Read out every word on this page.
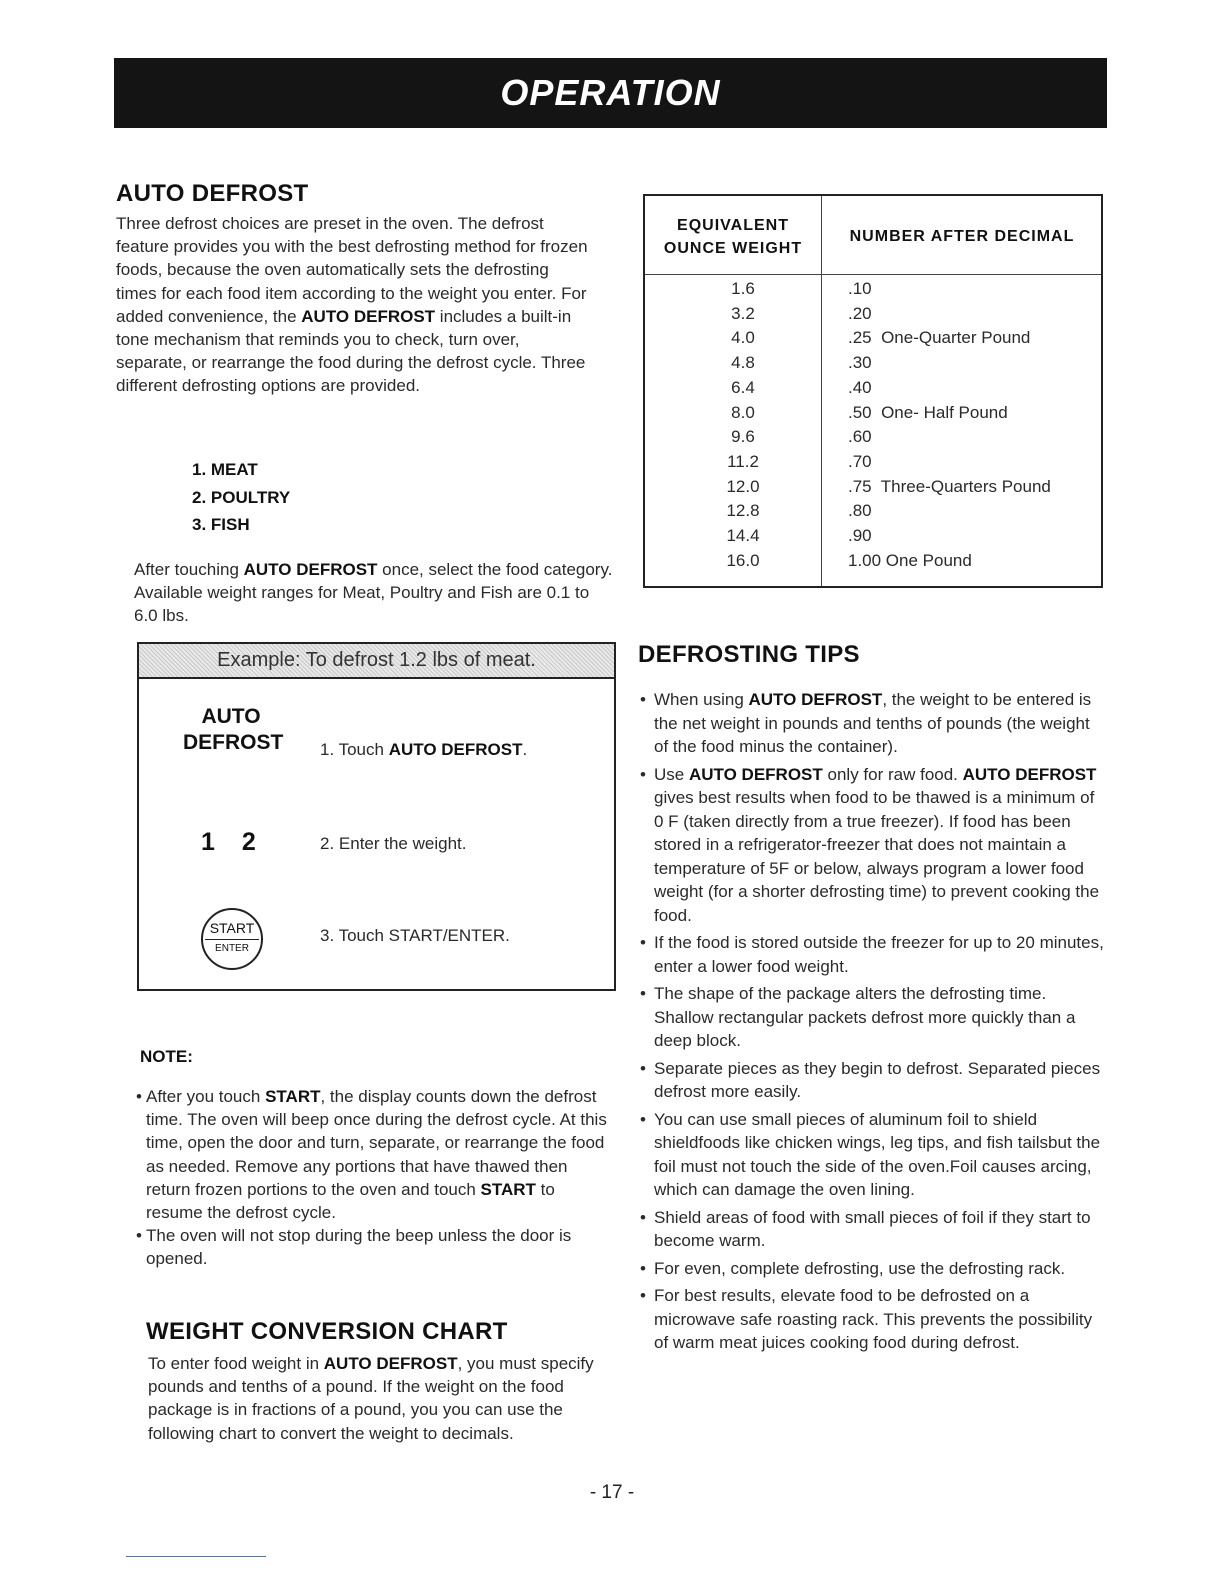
OPERATION
AUTO DEFROST
Three defrost choices are preset in the oven. The defrost feature provides you with the best defrosting method for frozen foods, because the oven automatically sets the defrosting times for each food item according to the weight you enter. For added convenience, the AUTO DEFROST includes a built-in tone mechanism that reminds you to check, turn over, separate, or rearrange the food during the defrost cycle. Three different defrosting options are provided.
1. MEAT
2. POULTRY
3. FISH
After touching AUTO DEFROST once, select the food category. Available weight ranges for Meat, Poultry and Fish are 0.1 to 6.0 lbs.
Example: To defrost 1.2 lbs of meat.
AUTO DEFROST 1. Touch AUTO DEFROST.
1 2	2. Enter the weight.
START
ENTER
3. Touch START/ENTER.
NOTE:
• After you touch START, the display counts down the defrost time. The oven will beep once during the defrost cycle. At this time, open the door and turn, separate, or rearrange the food as needed. Remove any portions that have thawed then return frozen portions to the oven and touch START to resume the defrost cycle.
• The oven will not stop during the beep unless the door is opened.
WEIGHT CONVERSION CHART
To enter food weight in AUTO DEFROST, you must specify pounds and tenths of a pound. If the weight on the food package is in fractions of a pound, you you can use the following chart to convert the weight to decimals.
EQUIVALENT
OUNCE WEIGHT
NUMBER AFTER DECIMAL
1.6	.10
3.2	.20
4.0	.25  One-Quarter Pound
4.8	.30
6.4	.40
8.0	.50  One- Half Pound
9.6	.60
11.2	.70
12.0	.75  Three-Quarters Pound
12.8	.80
14.4	.90
16.0	1.00 One Pound
DEFROSTING TIPS
• When using AUTO DEFROST, the weight to be entered is the net weight in pounds and tenths of pounds (the weight of the food minus the container).
• Use AUTO DEFROST only for raw food. AUTO DEFROST gives best results when food to be thawed is a minimum of 0 F (taken directly from a true freezer). If food has been stored in a refrigerator-freezer that does not maintain a temperature of 5F or below, always program a lower food weight (for a shorter defrosting time) to prevent cooking the food.
• If the food is stored outside the freezer for up to 20 minutes, enter a lower food weight.
• The shape of the package alters the defrosting time. Shallow rectangular packets defrost more quickly than a deep block.
• Separate pieces as they begin to defrost. Separated pieces defrost more easily.
• You can use small pieces of aluminum foil to shield shieldfoods like chicken wings, leg tips, and fish tailsbut the foil must not touch the side of the oven.Foil causes arcing, which can damage the oven lining.
• Shield areas of food with small pieces of foil if they start to become warm.
• For even, complete defrosting, use the defrosting rack.
• For best results, elevate food to be defrosted on a microwave safe roasting rack. This prevents the possibility of warm meat juices cooking food during defrost.
- 17 -
